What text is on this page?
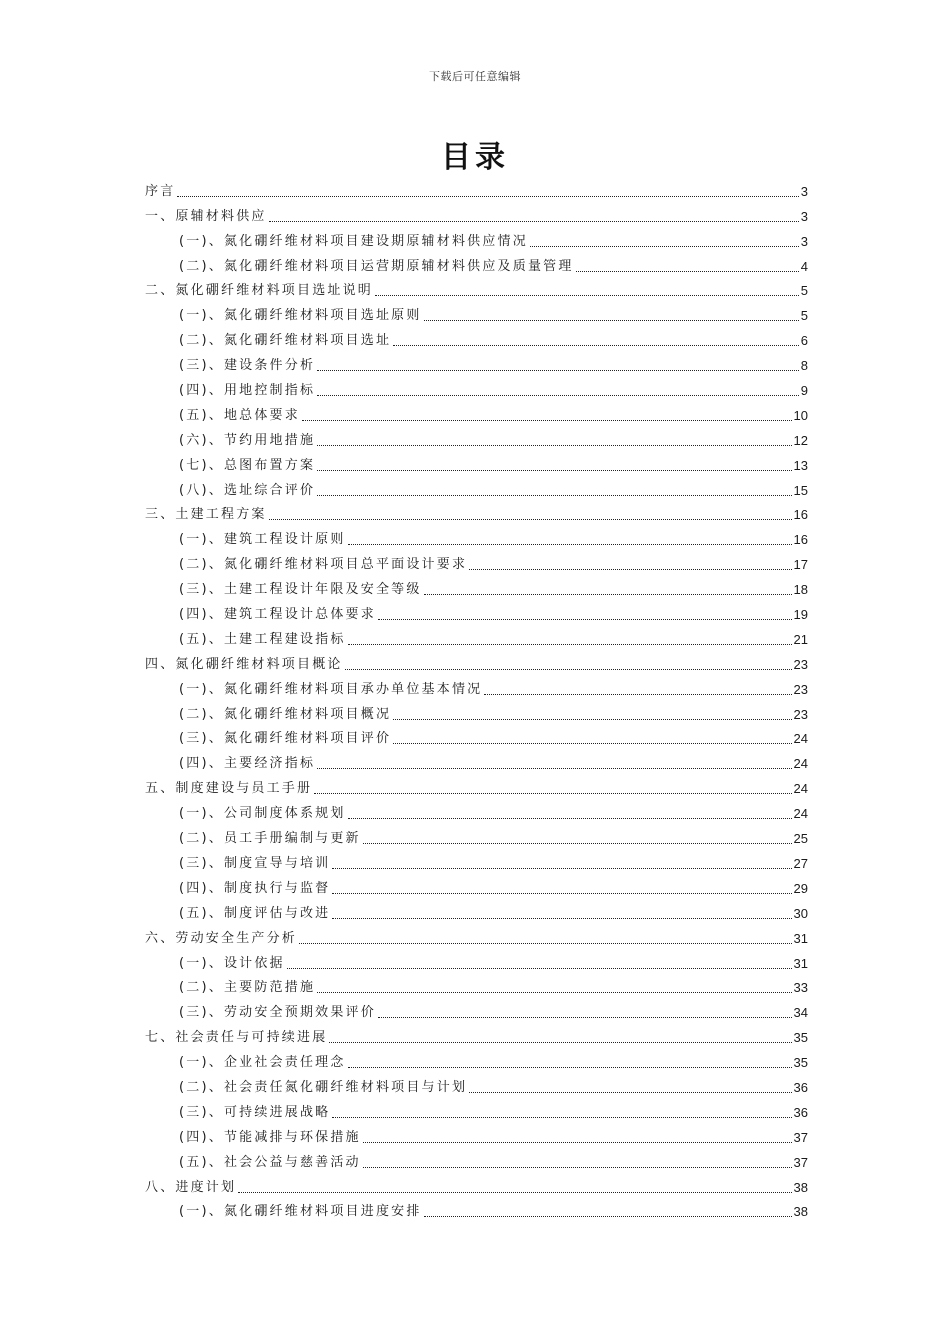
下载后可任意编辑
目录
序言	3
一、原辅材料供应	3
(一)、氮化硼纤维材料项目建设期原辅材料供应情况	3
(二)、氮化硼纤维材料项目运营期原辅材料供应及质量管理	4
二、氮化硼纤维材料项目选址说明	5
(一)、氮化硼纤维材料项目选址原则	5
(二)、氮化硼纤维材料项目选址	6
(三)、建设条件分析	8
(四)、用地控制指标	9
(五)、地总体要求	10
(六)、节约用地措施	12
(七)、总图布置方案	13
(八)、选址综合评价	15
三、土建工程方案	16
(一)、建筑工程设计原则	16
(二)、氮化硼纤维材料项目总平面设计要求	17
(三)、土建工程设计年限及安全等级	18
(四)、建筑工程设计总体要求	19
(五)、土建工程建设指标	21
四、氮化硼纤维材料项目概论	23
(一)、氮化硼纤维材料项目承办单位基本情况	23
(二)、氮化硼纤维材料项目概况	23
(三)、氮化硼纤维材料项目评价	24
(四)、主要经济指标	24
五、制度建设与员工手册	24
(一)、公司制度体系规划	24
(二)、员工手册编制与更新	25
(三)、制度宣导与培训	27
(四)、制度执行与监督	29
(五)、制度评估与改进	30
六、劳动安全生产分析	31
(一)、设计依据	31
(二)、主要防范措施	33
(三)、劳动安全预期效果评价	34
七、社会责任与可持续进展	35
(一)、企业社会责任理念	35
(二)、社会责任氮化硼纤维材料项目与计划	36
(三)、可持续进展战略	36
(四)、节能减排与环保措施	37
(五)、社会公益与慈善活动	37
八、进度计划	38
(一)、氮化硼纤维材料项目进度安排	38
